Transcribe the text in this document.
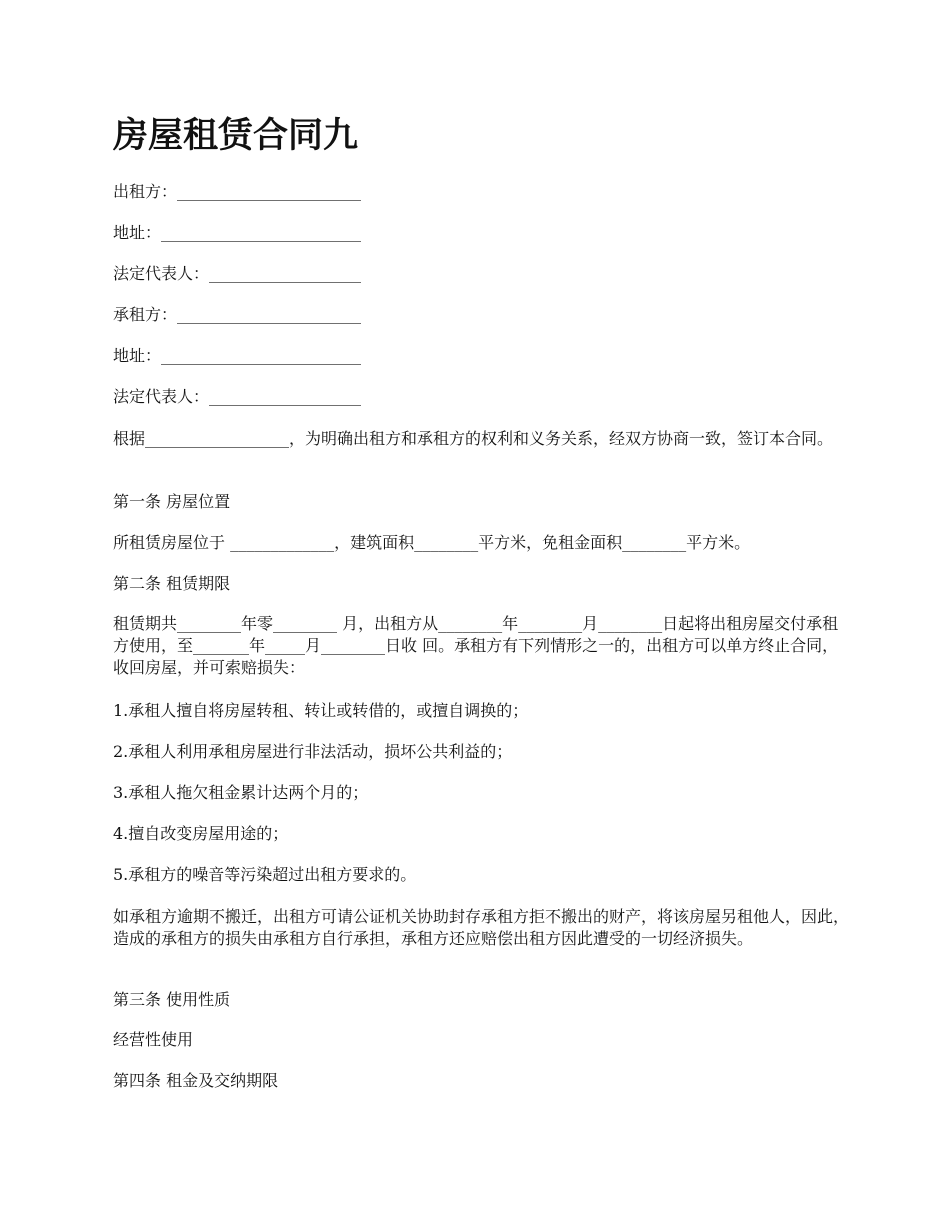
房屋租赁合同九

出租方：_______________________

地址：_________________________

法定代表人：___________________

承租方：_______________________

地址：_________________________

法定代表人：___________________

根据__________________，为明确出租方和承租方的权利和义务关系，经双方协商一致，签订本合同。

第一条 房屋位置

所租赁房屋位于 _____________，建筑面积________平方米，免租金面积________平方米。

第二条 租赁期限

租赁期共________年零________ 月，出租方从________年________月________日起将出租房屋交付承租方使用，至_______年_____月________日收 回。承租方有下列情形之一的，出租方可以单方终止合同，收回房屋，并可索赔损失：

1.承租人擅自将房屋转租、转让或转借的，或擅自调换的；

2.承租人利用承租房屋进行非法活动，损坏公共利益的；

3.承租人拖欠租金累计达两个月的；

4.擅自改变房屋用途的；

5.承租方的噪音等污染超过出租方要求的。

如承租方逾期不搬迁，出租方可请公证机关协助封存承租方拒不搬出的财产，将该房屋另租他人，因此，造成的承租方的损失由承租方自行承担，承租方还应赔偿出租方因此遭受的一切经济损失。

第三条 使用性质

经营性使用

第四条 租金及交纳期限
